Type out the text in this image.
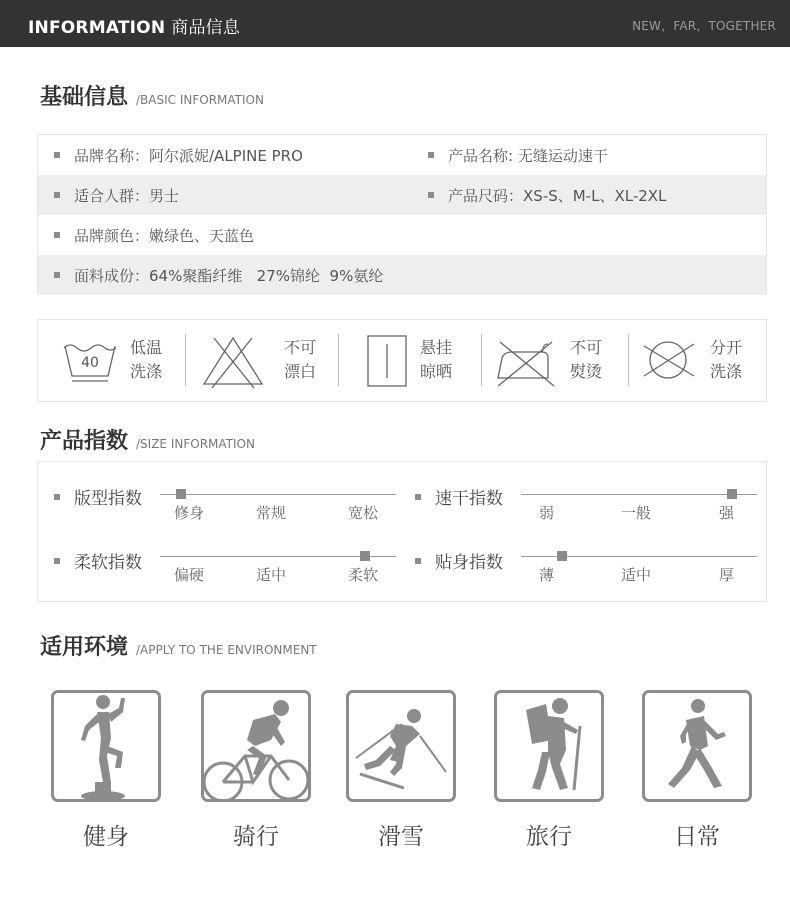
INFORMATION 商品信息	NEW，FAR，TOGETHER
基础信息 /BASIC INFORMATION
品牌名称：阿尔派妮/ALPINE PRO	产品名称: 无缝运动速干
适合人群：男士	产品尺码：XS-S、M-L、XL-2XL
品牌颜色：嫩绿色、天蓝色
面料成份：64%聚酯纤维   27%锦纶  9%氨纶
40
低温
洗涤
不可
漂白
悬挂
晾晒
不可
熨烫
分开
洗涤
产品指数 /SIZE INFORMATION
版型指数
修身	常规	宽松
速干指数
弱	一般	强
柔软指数
偏硬	适中	柔软
贴身指数
薄	适中	厚
适用环境 /APPLY TO THE ENVIRONMENT
健身	骑行	滑雪	旅行	日常
